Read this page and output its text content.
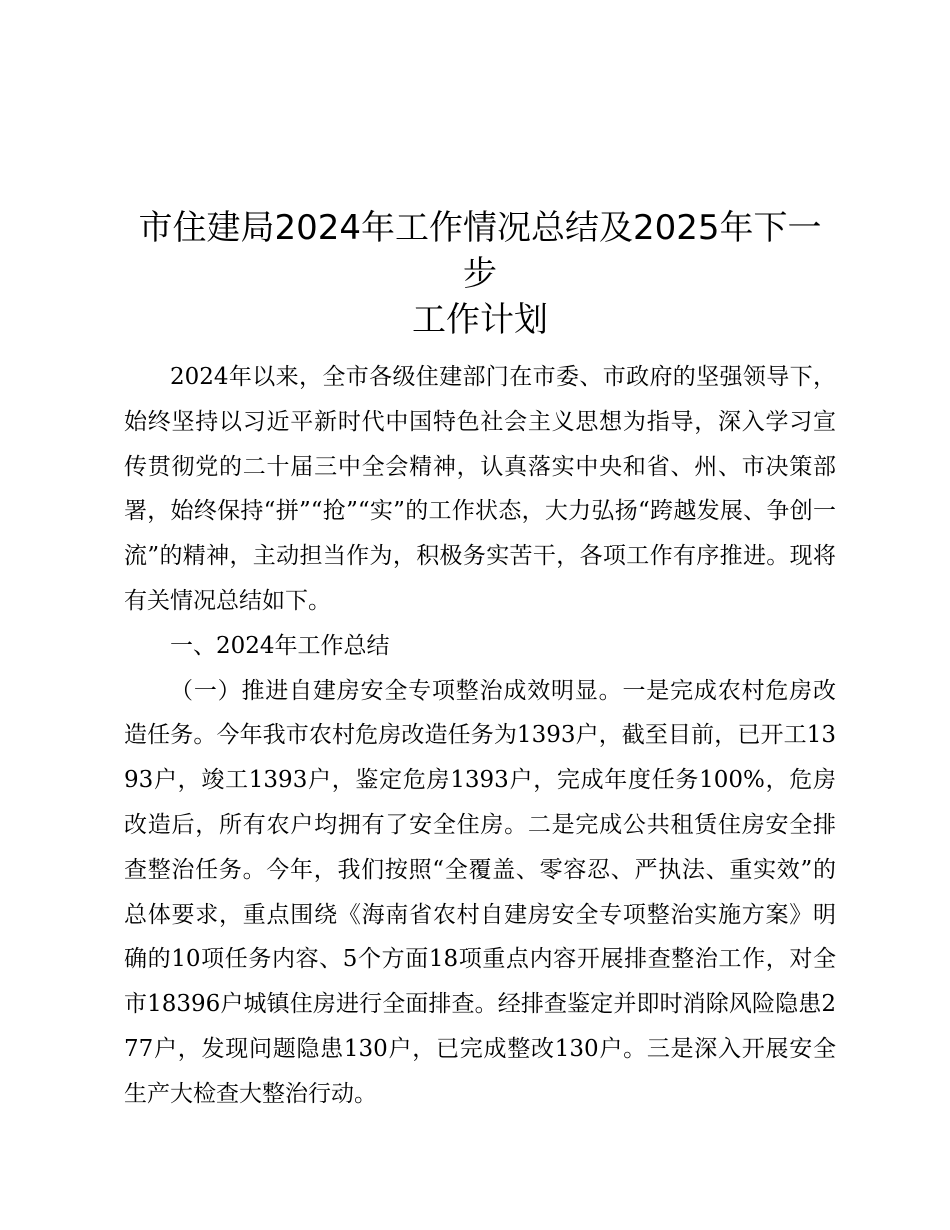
市住建局2024年工作情况总结及2025年下一步
工作计划

2024年以来，全市各级住建部门在市委、市政府的坚强领导下，始终坚持以习近平新时代中国特色社会主义思想为指导，深入学习宣传贯彻党的二十届三中全会精神，认真落实中央和省、州、市决策部署，始终保持“拼”“抢”“实”的工作状态，大力弘扬“跨越发展、争创一流”的精神，主动担当作为，积极务实苦干，各项工作有序推进。现将有关情况总结如下。

一、2024年工作总结

（一）推进自建房安全专项整治成效明显。一是完成农村危房改造任务。今年我市农村危房改造任务为1393户，截至目前，已开工1393户，竣工1393户，鉴定危房1393户，完成年度任务100%，危房改造后，所有农户均拥有了安全住房。二是完成公共租赁住房安全排查整治任务。今年，我们按照“全覆盖、零容忍、严执法、重实效”的总体要求，重点围绕《海南省农村自建房安全专项整治实施方案》明确的10项任务内容、5个方面18项重点内容开展排查整治工作，对全市18396户城镇住房进行全面排查。经排查鉴定并即时消除风险隐患277户，发现问题隐患130户，已完成整改130户。三是深入开展安全生产大检查大整治行动。
